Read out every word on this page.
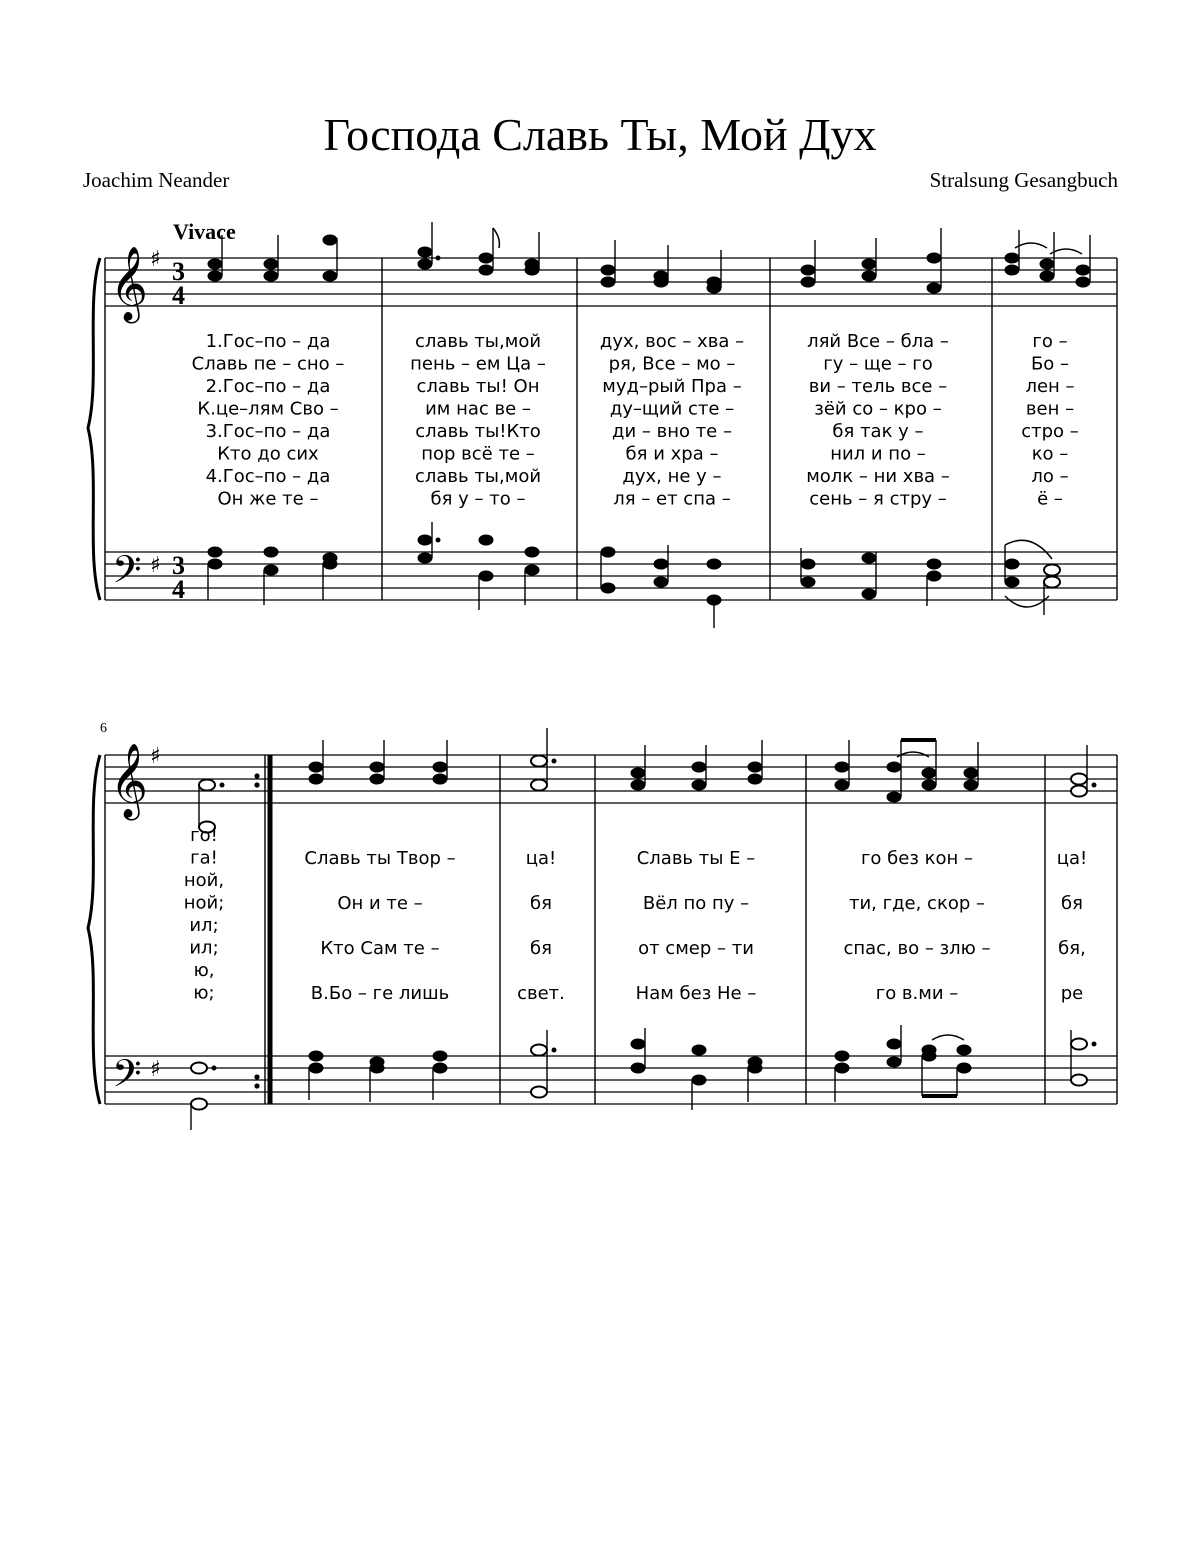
Господа Славь Ты, Мой Дух
Joachim Neander	Stralsung Gesangbuch
Vivace
6
𝄞
𝄢
𝄞
𝄢
♯
♯
♯
♯
3
4
3
4
1.Гос–по – да	славь ты,мой	дух, вос – хва –	ляй Все – бла –	го –
Славь пе – сно –	пень – ем Ца –	ря, Все – мо –	гу – ще – го	Бо –
2.Гос–по – да	славь ты! Он	муд–рый Пра –	ви – тель все –	лен –
К.це–лям Сво –	им нас ве –	ду–щий сте –	зёй со – кро –	вен –
3.Гос–по – да	славь ты!Кто	ди – вно те –	бя так у –	стро –
Кто до сих	пор всё те –	бя и хра –	нил и по –	ко –
4.Гос–по – да	славь ты,мой	дух, не у –	молк – ни хва –	ло –
Он же те –	бя у – то –	ля – ет спа –	сень – я стру –	ё –
го!
га!
ной,
ной;
ил;
ил;
ю,
ю;
Славь ты Твор –	ца!	Славь ты Е –	го без кон –	ца!
Он и те –	бя	Вёл по пу –	ти, где, скор –	бя
Кто Сам те –	бя	от смер – ти	спас, во – злю –	бя,
В.Бо – ге лишь	свет.	Нам без Не –	го в.ми –	ре
